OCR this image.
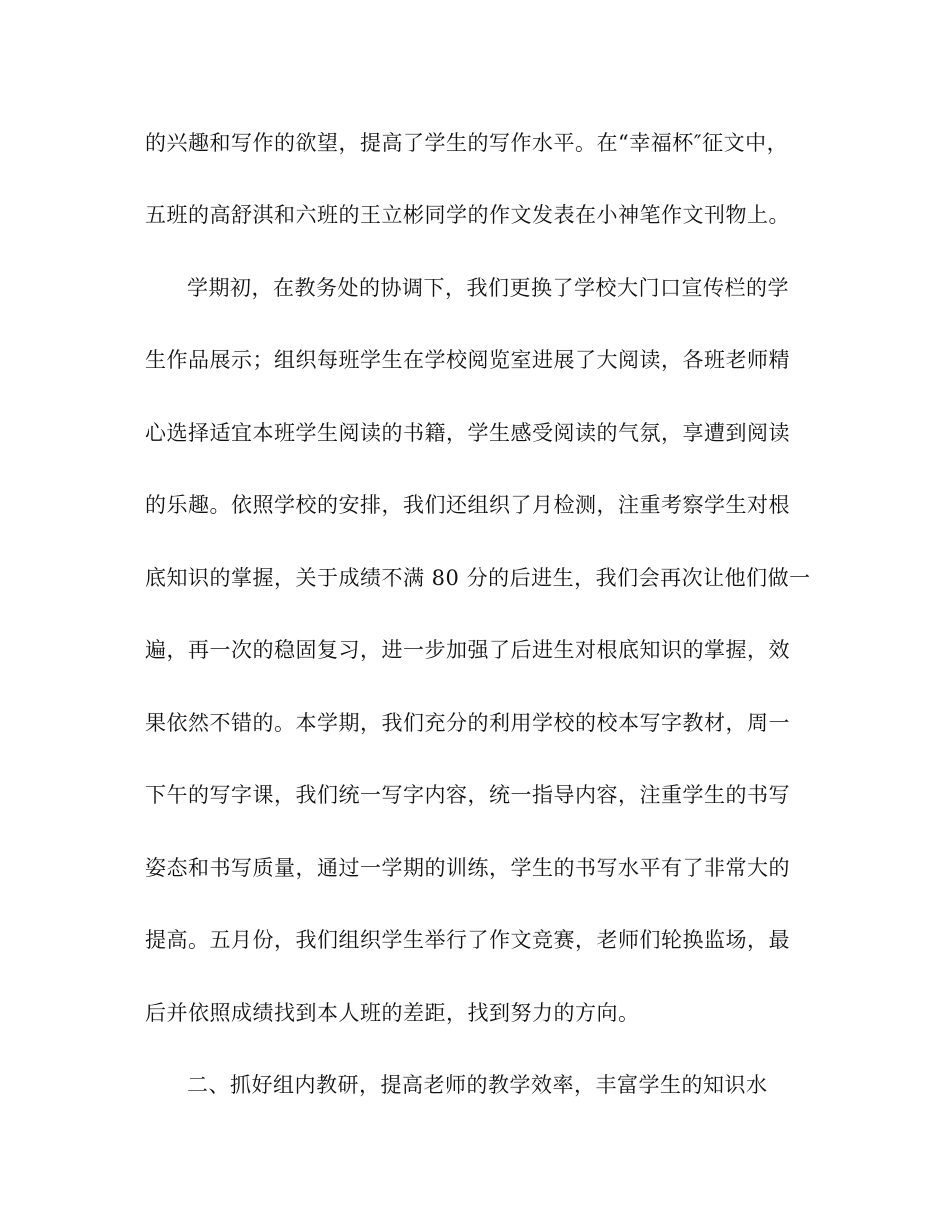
的兴趣和写作的欲望，提高了学生的写作水平。在“幸福杯″征文中，
五班的高舒淇和六班的王立彬同学的作文发表在小神笔作文刊物上。
学期初，在教务处的协调下，我们更换了学校大门口宣传栏的学
生作品展示；组织每班学生在学校阅览室进展了大阅读，各班老师精
心选择适宜本班学生阅读的书籍，学生感受阅读的气氛，享遭到阅读
的乐趣。依照学校的安排，我们还组织了月检测，注重考察学生对根
底知识的掌握，关于成绩不满 80 分的后进生，我们会再次让他们做一
遍，再一次的稳固复习，进一步加强了后进生对根底知识的掌握，效
果依然不错的。本学期，我们充分的利用学校的校本写字教材，周一
下午的写字课，我们统一写字内容，统一指导内容，注重学生的书写
姿态和书写质量，通过一学期的训练，学生的书写水平有了非常大的
提高。五月份，我们组织学生举行了作文竞赛，老师们轮换监场，最
后并依照成绩找到本人班的差距，找到努力的方向。
二、抓好组内教研，提高老师的教学效率，丰富学生的知识水
